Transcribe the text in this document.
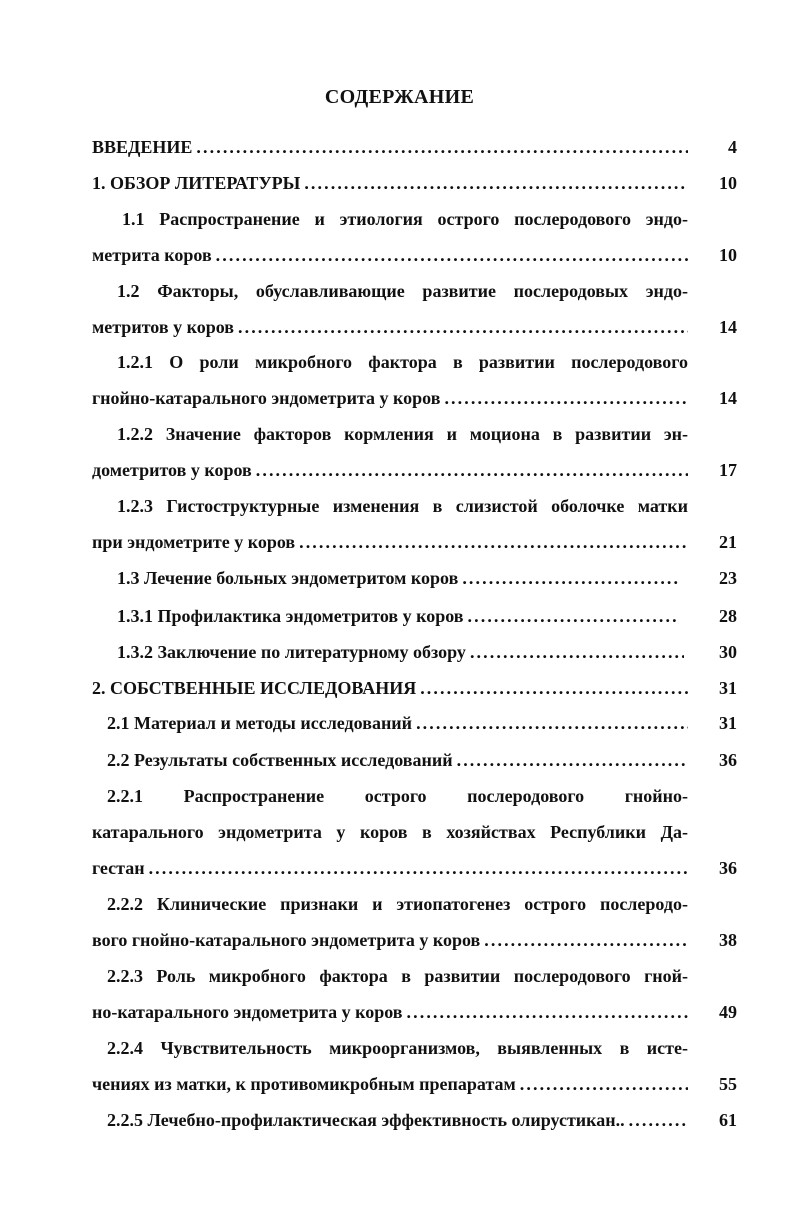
СОДЕРЖАНИЕ
ВВЕДЕНИЕ . . .	4
1. ОБЗОР ЛИТЕРАТУРЫ . . .	10
1.1 Распространение и этиология острого послеродового эндо-
метрита коров . . .	10
1.2 Факторы, обуславливающие развитие послеродовых эндо-
метритов у коров . . .	14
1.2.1 О роли микробного фактора в развитии послеродового
гнойно-катарального эндометрита у коров . . .	14
1.2.2 Значение факторов кормления и моциона в развитии эн-
дометритов у коров . . .	17
1.2.3 Гистоструктурные изменения в слизистой оболочке матки
при эндометрите у коров . . .	21
1.3 Лечение больных эндометритом коров . . .	23
1.3.1 Профилактика эндометритов у коров . . .	28
1.3.2 Заключение по литературному обзору . . .	30
2. СОБСТВЕННЫЕ ИССЛЕДОВАНИЯ . . .	31
2.1 Материал и методы исследований . . .	31
2.2 Результаты собственных исследований . . .	36
2.2.1 Распространение острого послеродового гнойно-
катарального эндометрита у коров в хозяйствах Республики Да-
гестан . . .	36
2.2.2 Клинические признаки и этиопатогенез острого послеродо-
вого гнойно-катарального эндометрита у коров . . .	38
2.2.3 Роль микробного фактора в развитии послеродового гной-
но-катарального эндометрита у коров . . .	49
2.2.4 Чувствительность микроорганизмов, выявленных в исте-
чениях из матки, к противомикробным препаратам . . .	55
2.2.5 Лечебно-профилактическая эффективность олирустикан.. . . .	61
